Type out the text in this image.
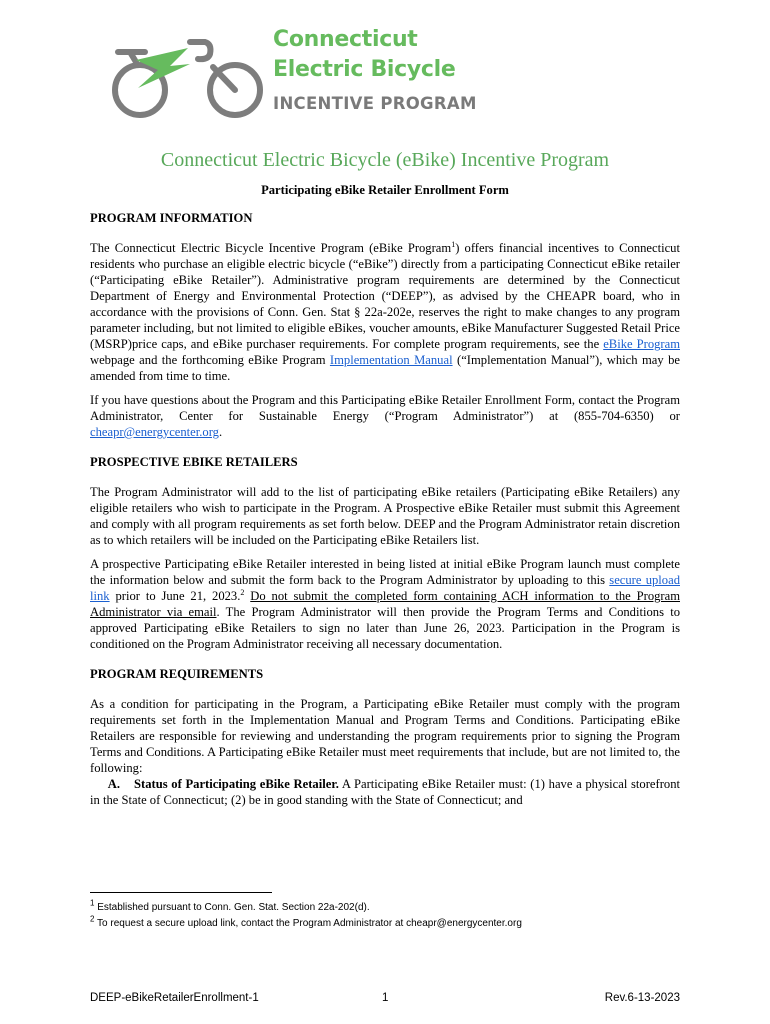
Connecticut
Electric Bicycle
INCENTIVE PROGRAM
Connecticut Electric Bicycle (eBike) Incentive Program
Participating eBike Retailer Enrollment Form
PROGRAM INFORMATION

The Connecticut Electric Bicycle Incentive Program (eBike Program$^1$) offers financial incentives to Connecticut residents who purchase an eligible electric bicycle (“eBike”) directly from a participating Connecticut eBike retailer (“Participating eBike Retailer”). Administrative program requirements are determined by the Connecticut Department of Energy and Environmental Protection (“DEEP”), as advised by the CHEAPR board, who in accordance with the provisions of Conn. Gen. Stat § 22a-202e, reserves the right to make changes to any program parameter including, but not limited to eligible eBikes, voucher amounts, eBike Manufacturer Suggested Retail Price (MSRP)price caps, and eBike purchaser requirements. For complete program requirements, see the eBike Program webpage and the forthcoming eBike Program Implementation Manual (“Implementation Manual”), which may be amended from time to time.

If you have questions about the Program and this Participating eBike Retailer Enrollment Form, contact the Program Administrator, Center for Sustainable Energy (“Program Administrator”) at (855-704-6350) or cheapr@energycenter.org.

PROSPECTIVE EBIKE RETAILERS

The Program Administrator will add to the list of participating eBike retailers (Participating eBike Retailers) any eligible retailers who wish to participate in the Program. A Prospective eBike Retailer must submit this Agreement and comply with all program requirements as set forth below. DEEP and the Program Administrator retain discretion as to which retailers will be included on the Participating eBike Retailers list.

A prospective Participating eBike Retailer interested in being listed at initial eBike Program launch must complete the information below and submit the form back to the Program Administrator by uploading to this secure upload link prior to June 21, 2023.$^2$ Do not submit the completed form containing ACH information to the Program Administrator via email. The Program Administrator will then provide the Program Terms and Conditions to approved Participating eBike Retailers to sign no later than June 26, 2023. Participation in the Program is conditioned on the Program Administrator receiving all necessary documentation.

PROGRAM REQUIREMENTS

As a condition for participating in the Program, a Participating eBike Retailer must comply with the program requirements set forth in the Implementation Manual and Program Terms and Conditions. Participating eBike Retailers are responsible for reviewing and understanding the program requirements prior to signing the Program Terms and Conditions. A Participating eBike Retailer must meet requirements that include, but are not limited to, the following:

A. Status of Participating eBike Retailer. A Participating eBike Retailer must: (1) have a physical storefront in the State of Connecticut; (2) be in good standing with the State of Connecticut; and

$^1$ Established pursuant to Conn. Gen. Stat. Section 22a-202(d).
$^2$ To request a secure upload link, contact the Program Administrator at cheapr@energycenter.org
DEEP-eBikeRetailerEnrollment-1	1	Rev.6-13-2023
